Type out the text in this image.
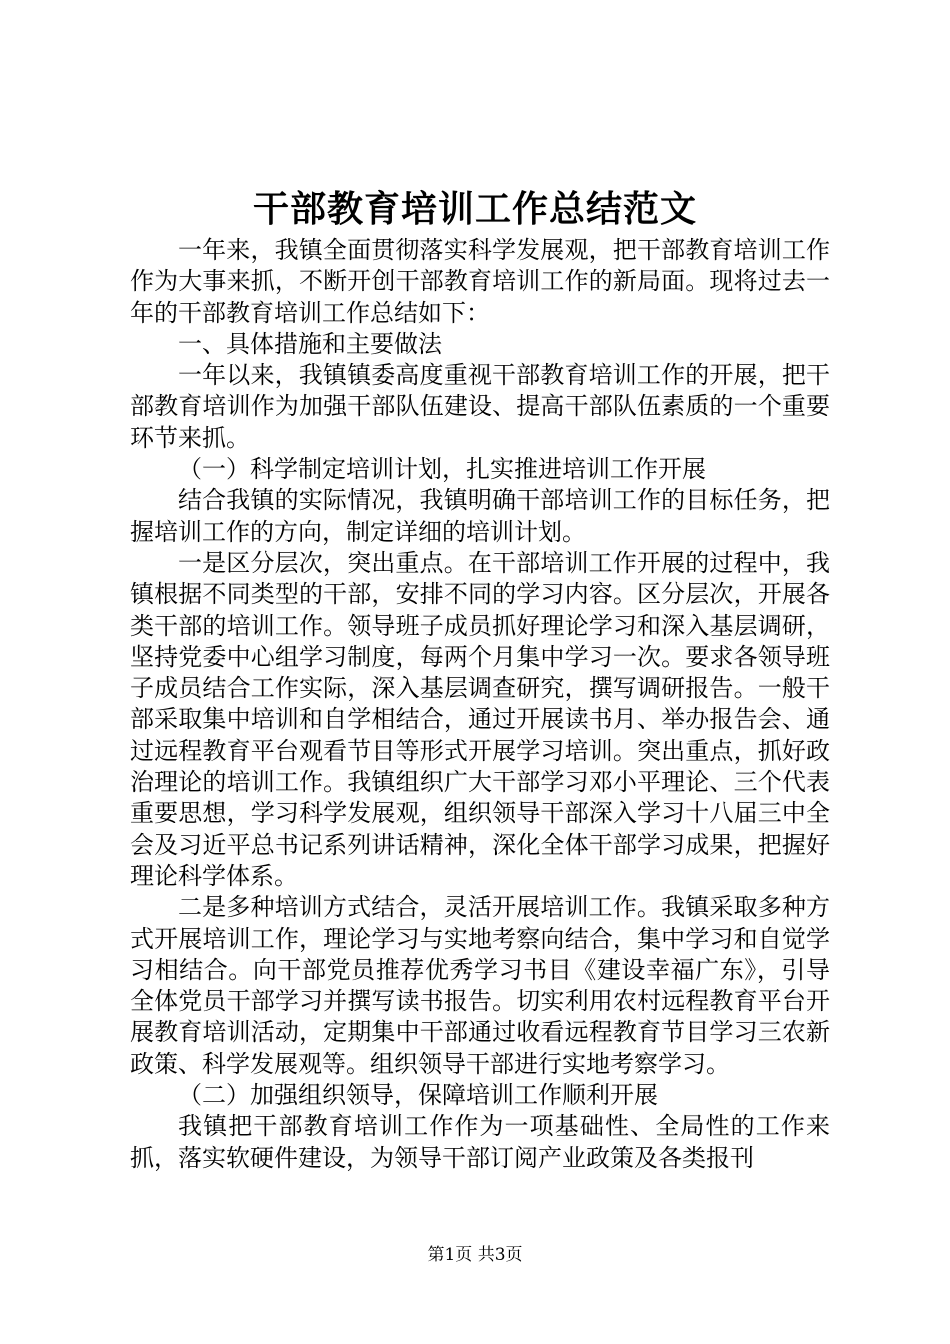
干部教育培训工作总结范文

一年来，我镇全面贯彻落实科学发展观，把干部教育培训工作作为大事来抓，不断开创干部教育培训工作的新局面。现将过去一年的干部教育培训工作总结如下：

一、具体措施和主要做法

一年以来，我镇镇委高度重视干部教育培训工作的开展，把干部教育培训作为加强干部队伍建设、提高干部队伍素质的一个重要环节来抓。

（一）科学制定培训计划，扎实推进培训工作开展

结合我镇的实际情况，我镇明确干部培训工作的目标任务，把握培训工作的方向，制定详细的培训计划。

一是区分层次，突出重点。在干部培训工作开展的过程中，我镇根据不同类型的干部，安排不同的学习内容。区分层次，开展各类干部的培训工作。领导班子成员抓好理论学习和深入基层调研，坚持党委中心组学习制度，每两个月集中学习一次。要求各领导班子成员结合工作实际，深入基层调查研究，撰写调研报告。一般干部采取集中培训和自学相结合，通过开展读书月、举办报告会、通过远程教育平台观看节目等形式开展学习培训。突出重点，抓好政治理论的培训工作。我镇组织广大干部学习邓小平理论、三个代表重要思想，学习科学发展观，组织领导干部深入学习十八届三中全会及习近平总书记系列讲话精神，深化全体干部学习成果，把握好理论科学体系。

二是多种培训方式结合，灵活开展培训工作。我镇采取多种方式开展培训工作，理论学习与实地考察向结合，集中学习和自觉学习相结合。向干部党员推荐优秀学习书目《建设幸福广东》，引导全体党员干部学习并撰写读书报告。切实利用农村远程教育平台开展教育培训活动，定期集中干部通过收看远程教育节目学习三农新政策、科学发展观等。组织领导干部进行实地考察学习。

（二）加强组织领导，保障培训工作顺利开展

我镇把干部教育培训工作作为一项基础性、全局性的工作来抓，落实软硬件建设，为领导干部订阅产业政策及各类报刊

第1页 共3页
